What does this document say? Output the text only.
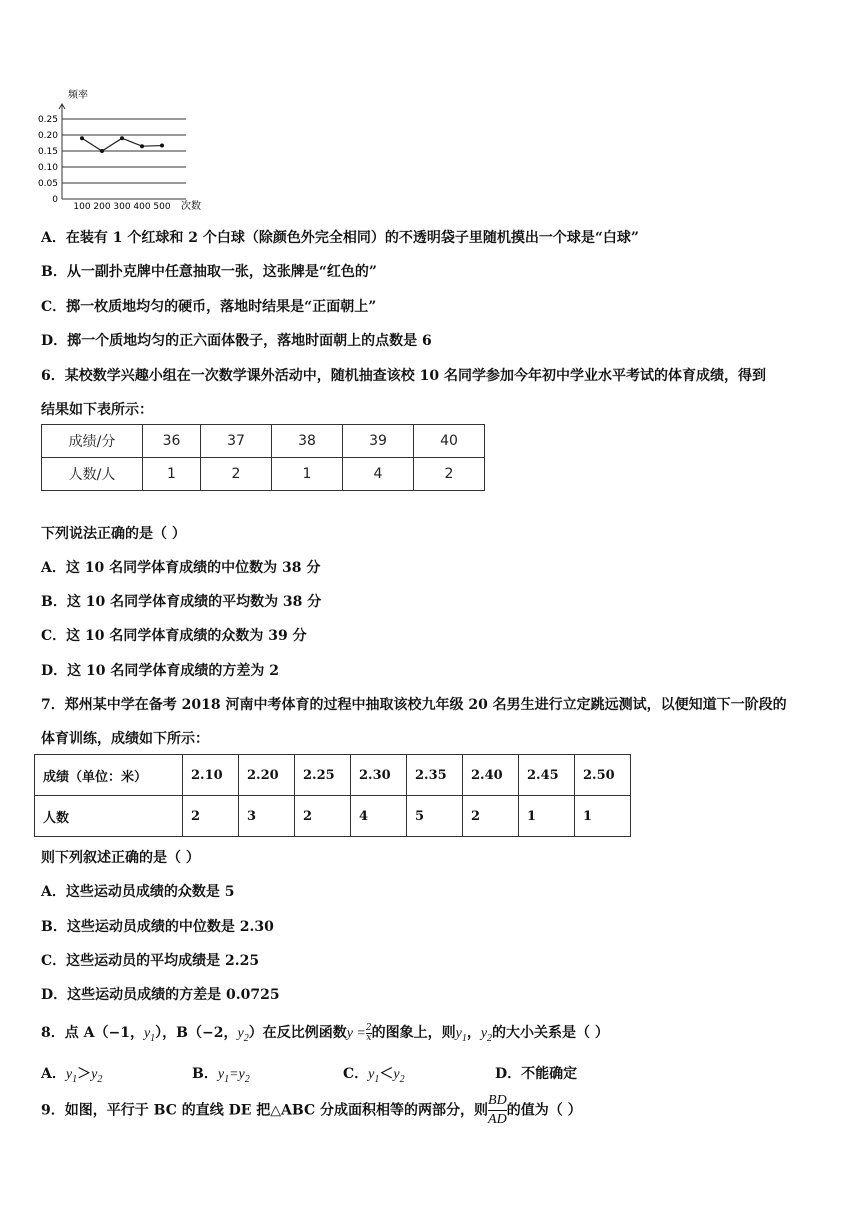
0.25
0.20
0.15
0.10
0.05
0
100 200 300 400 500
频率
次数
A．在装有 1 个红球和 2 个白球（除颜色外完全相同）的不透明袋子里随机摸出一个球是“白球”
B．从一副扑克牌中任意抽取一张，这张牌是“红色的”
C．掷一枚质地均匀的硬币，落地时结果是“正面朝上”
D．掷一个质地均匀的正六面体骰子，落地时面朝上的点数是 6
6．某校数学兴趣小组在一次数学课外活动中，随机抽查该校 10 名同学参加今年初中学业水平考试的体育成绩，得到
结果如下表所示：
成绩/分	36	37	38	39	40
人数/人	1	2	1	4	2
下列说法正确的是（ ）
A．这 10 名同学体育成绩的中位数为 38 分
B．这 10 名同学体育成绩的平均数为 38 分
C．这 10 名同学体育成绩的众数为 39 分
D．这 10 名同学体育成绩的方差为 2
7．郑州某中学在备考 2018 河南中考体育的过程中抽取该校九年级 20 名男生进行立定跳远测试，以便知道下一阶段的
体育训练，成绩如下所示：
成绩（单位：米）	2.10	2.20	2.25	2.30	2.35	2.40	2.45	2.50
人数	2	3	2	4	5	2	1	1
则下列叙述正确的是（ ）
A．这些运动员成绩的众数是 5
B．这些运动员成绩的中位数是 2.30
C．这些运动员的平均成绩是 2.25
D．这些运动员成绩的方差是 0.0725
8．点 A（−1，$y_1$），B（−2，$y_2$）在反比例函数$y = \frac{2}{x}$ 的图象上，则$y_1$，$y_2$的大小关系是（ ）
A．$y_1>y_2$	B．$y_1=y_2$	C．$y_1<y_2$	D．不能确定
9．如图，平行于 BC 的直线 DE 把△ABC 分成面积相等的两部分，则 $\frac{BD}{AD}$ 的值为（ ）
